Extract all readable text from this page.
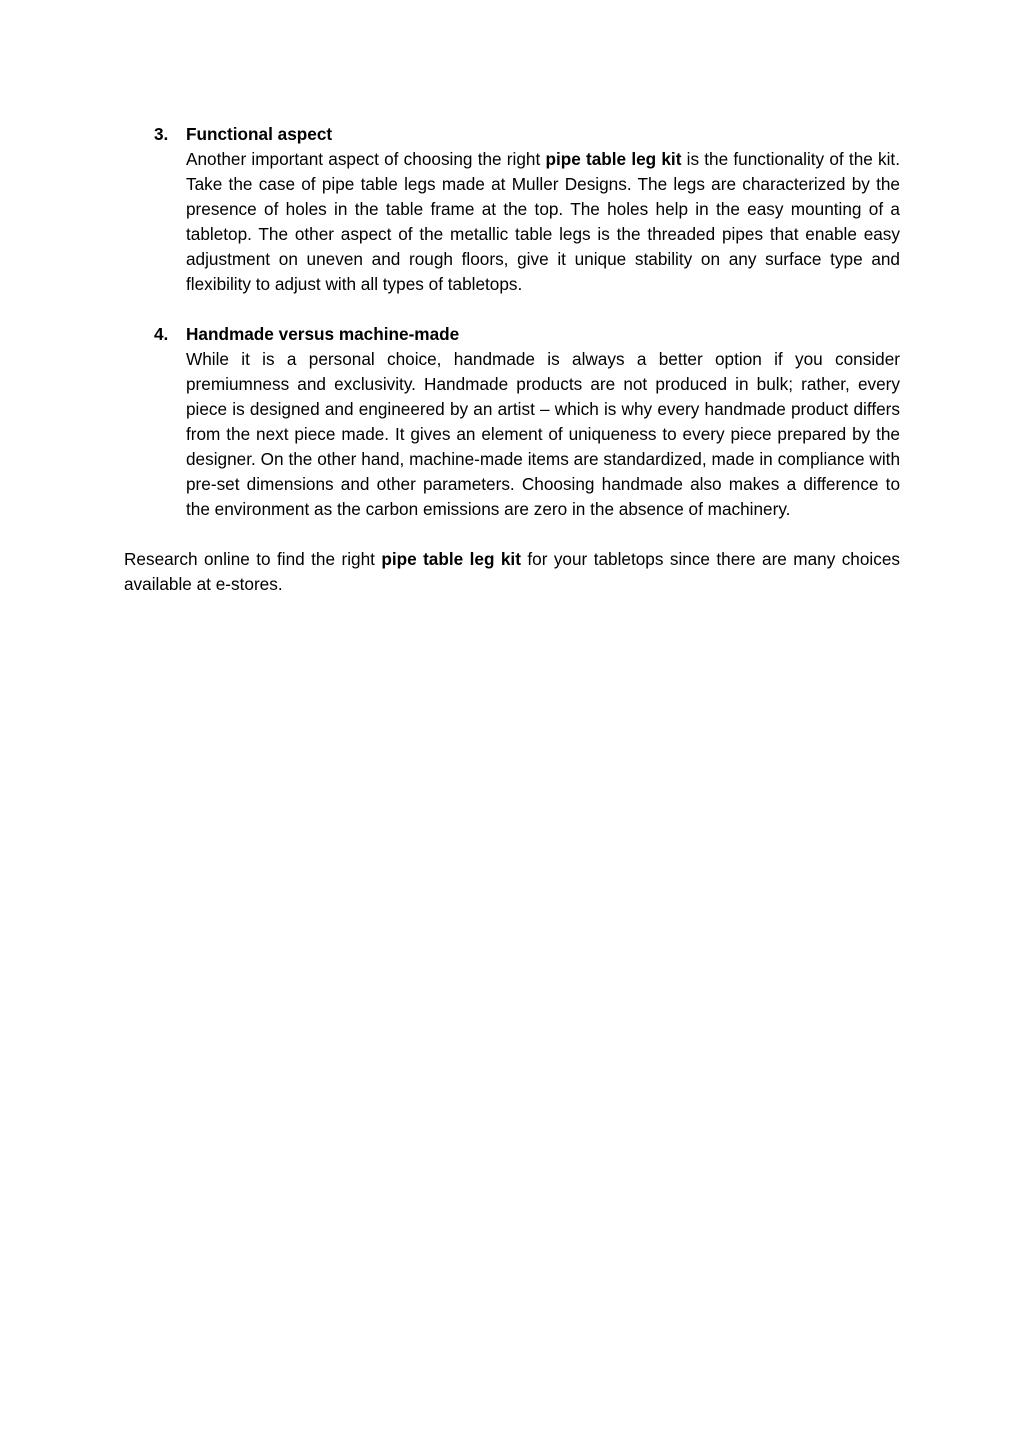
3. Functional aspect
Another important aspect of choosing the right pipe table leg kit is the functionality of the kit. Take the case of pipe table legs made at Muller Designs. The legs are characterized by the presence of holes in the table frame at the top. The holes help in the easy mounting of a tabletop. The other aspect of the metallic table legs is the threaded pipes that enable easy adjustment on uneven and rough floors, give it unique stability on any surface type and flexibility to adjust with all types of tabletops.
4. Handmade versus machine-made
While it is a personal choice, handmade is always a better option if you consider premiumness and exclusivity. Handmade products are not produced in bulk; rather, every piece is designed and engineered by an artist – which is why every handmade product differs from the next piece made. It gives an element of uniqueness to every piece prepared by the designer. On the other hand, machine-made items are standardized, made in compliance with pre-set dimensions and other parameters. Choosing handmade also makes a difference to the environment as the carbon emissions are zero in the absence of machinery.
Research online to find the right pipe table leg kit for your tabletops since there are many choices available at e-stores.
